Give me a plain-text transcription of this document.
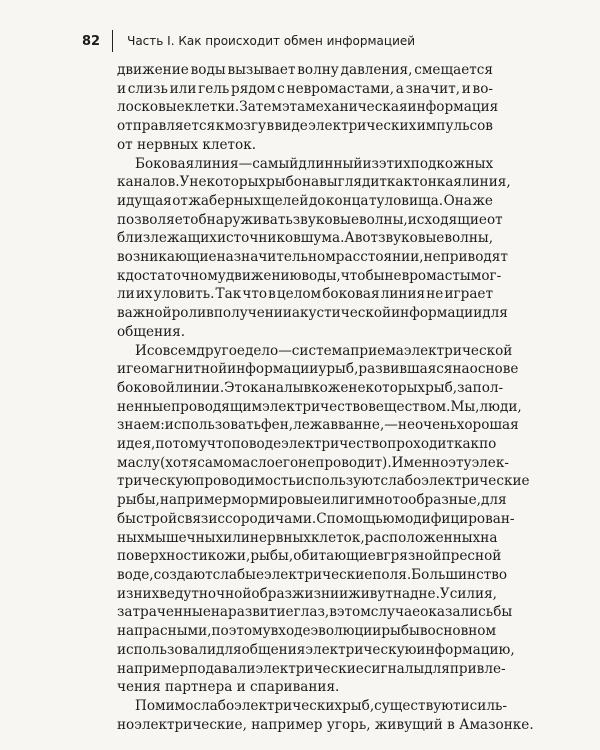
82 Часть I. Как происходит обмен информацией
движение воды вызывает волну давления, смещается
и слизь или гель рядом с невромастами, а значит, и во-
лосковые клетки. Затем эта механическая информация
отправляется к мозгу в виде электрических импульсов
от нервных клеток.
Боковая линия — самый длинный из этих подкожных
каналов. У некоторых рыб она выглядит как тонкая линия,
идущая от жаберных щелей до конца туловища. Она же
позволяет обнаруживать звуковые волны, исходящие от
близлежащих источников шума. А вот звуковые волны,
возникающие на значительном расстоянии, не приводят
к достаточному движению воды, чтобы невромасты мог-
ли их уловить. Так что в целом боковая линия не играет
важной роли в получении акустической информации для
общения.
И совсем другое дело — система приема электрической
и геомагнитной информации у рыб, развившаяся на основе
боковой линии. Это каналы в коже некоторых рыб, запол-
ненные проводящим электричество веществом. Мы, люди,
знаем: использовать фен, лежа в ванне, — не очень хорошая
идея, потому что по воде электричество проходит как по
маслу (хотя само масло его не проводит). Именно эту элек-
трическую проводимость используют слабоэлектрические
рыбы, например мормировые или гимнотообразные, для
быстрой связи с сородичами. С помощью модифицирован-
ных мышечных или нервных клеток, расположенных на
поверхности кожи, рыбы, обитающие в грязной пресной
воде, создают слабые электрические поля. Большинство
из них ведут ночной образ жизни и живут на дне. Усилия,
затраченные на развитие глаз, в этом случае оказались бы
напрасными, поэтому в ходе эволюции рыбы в основном
использовали для общения электрическую информацию,
например подавали электрические сигналы для привле-
чения партнера и спаривания.
Помимо слабоэлектрических рыб, существуют и силь-
ноэлектрические, например угорь, живущий в Амазонке.
